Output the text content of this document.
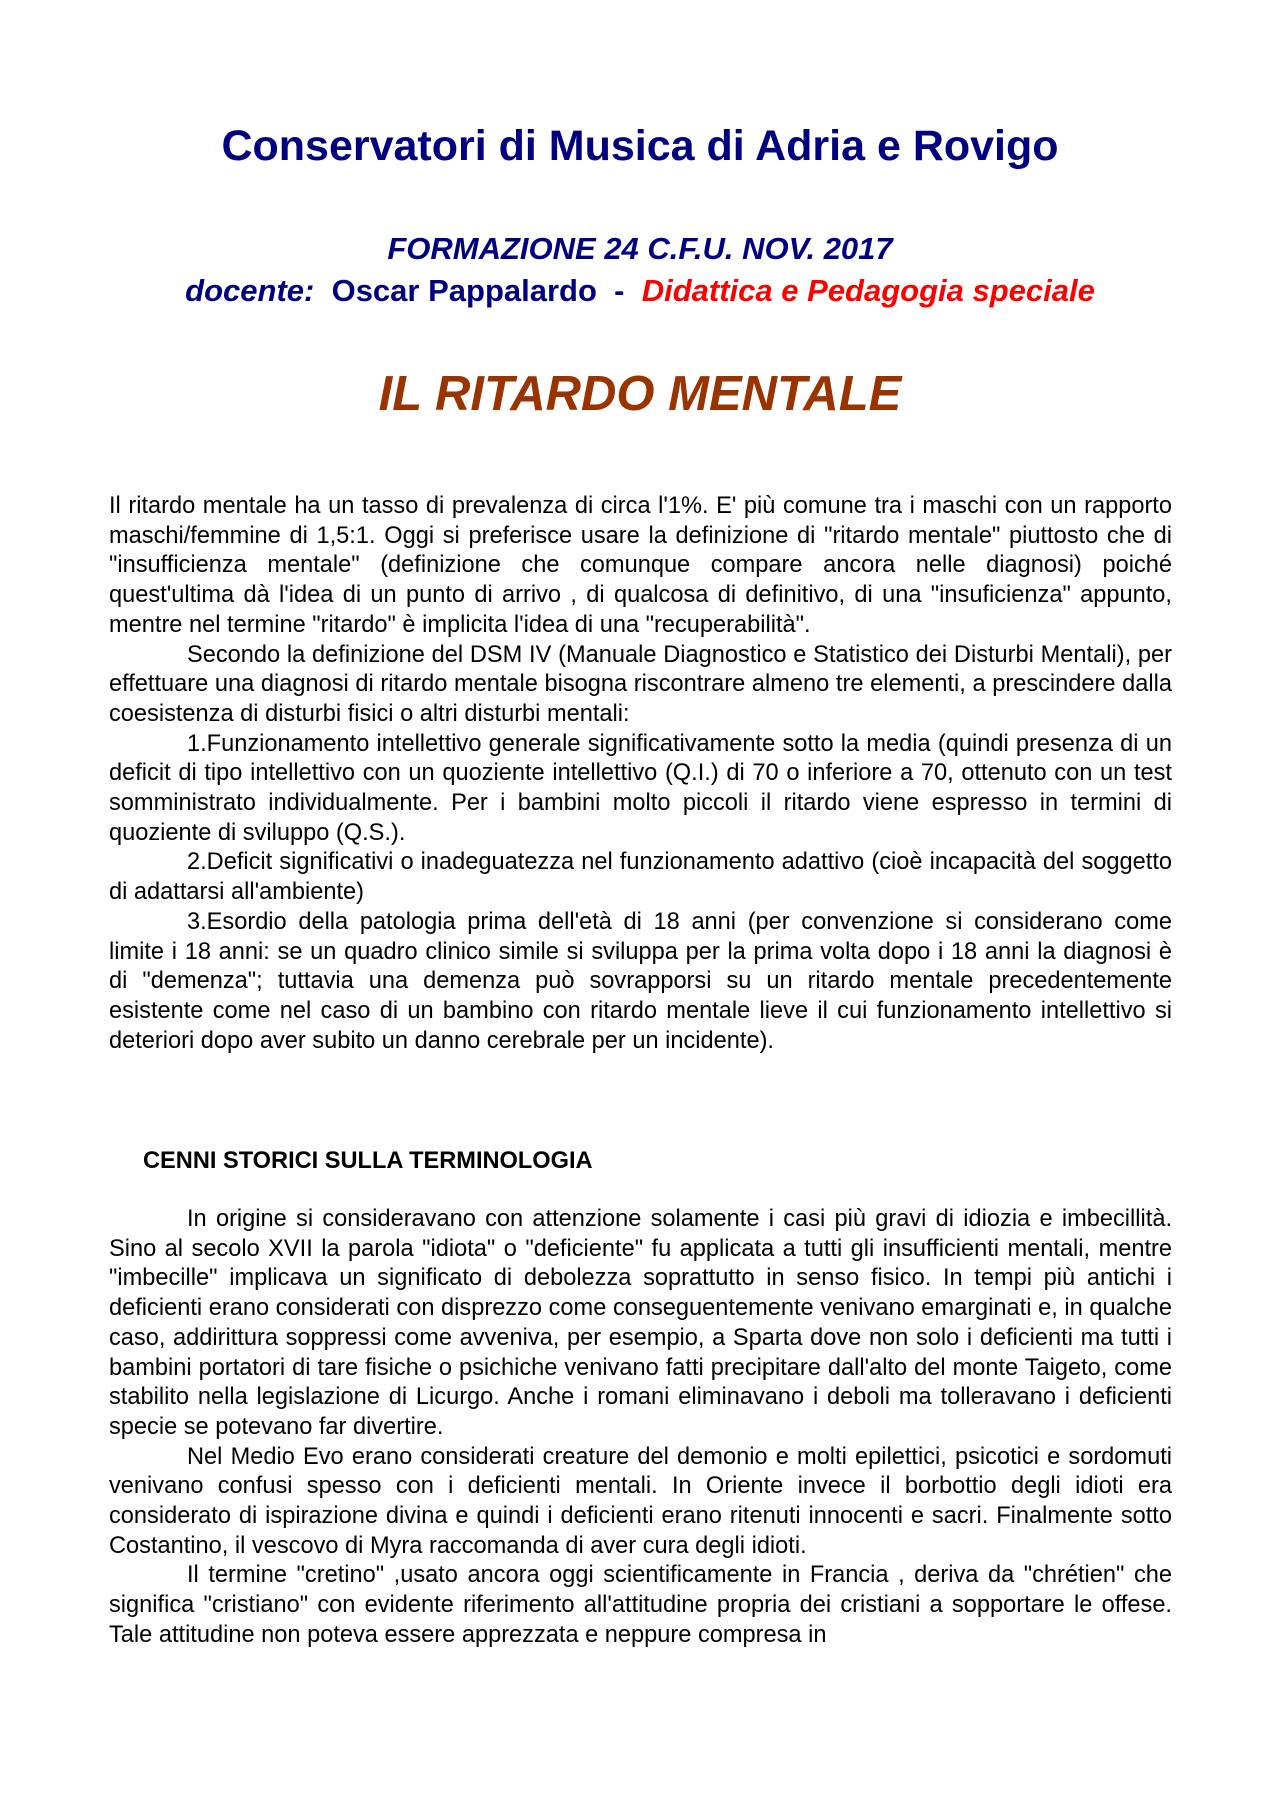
Conservatori di Musica di Adria e Rovigo
FORMAZIONE 24 C.F.U. NOV. 2017
docente: Oscar Pappalardo - Didattica e Pedagogia speciale
IL RITARDO MENTALE

Il ritardo mentale ha un tasso di prevalenza di circa l'1%. E' più comune tra i maschi con un rapporto maschi/femmine di 1,5:1. Oggi si preferisce usare la definizione di "ritardo mentale" piuttosto che di "insufficienza mentale" (definizione che comunque compare ancora nelle diagnosi) poiché quest'ultima dà l'idea di un punto di arrivo , di qualcosa di definitivo, di una "insuficienza" appunto, mentre nel termine "ritardo" è implicita l'idea di una "recuperabilità".

Secondo la definizione del DSM IV (Manuale Diagnostico e Statistico dei Disturbi Mentali), per effettuare una diagnosi di ritardo mentale bisogna riscontrare almeno tre elementi, a prescindere dalla coesistenza di disturbi fisici o altri disturbi mentali:

1.Funzionamento intellettivo generale significativamente sotto la media (quindi presenza di un deficit di tipo intellettivo con un quoziente intellettivo (Q.I.) di 70 o inferiore a 70, ottenuto con un test somministrato individualmente. Per i bambini molto piccoli il ritardo viene espresso in termini di quoziente di sviluppo (Q.S.).

2.Deficit significativi o inadeguatezza nel funzionamento adattivo (cioè incapacità del soggetto di adattarsi all'ambiente)

3.Esordio della patologia prima dell'età di 18 anni (per convenzione si considerano come limite i 18 anni: se un quadro clinico simile si sviluppa per la prima volta dopo i 18 anni la diagnosi è di "demenza"; tuttavia una demenza può sovrapporsi su un ritardo mentale precedentemente esistente come nel caso di un bambino con ritardo mentale lieve il cui funzionamento intellettivo si deteriori dopo aver subito un danno cerebrale per un incidente).

CENNI STORICI SULLA TERMINOLOGIA

In origine si consideravano con attenzione solamente i casi più gravi di idiozia e imbecillità. Sino al secolo XVII la parola "idiota" o "deficiente" fu applicata a tutti gli insufficienti mentali, mentre "imbecille" implicava un significato di debolezza soprattutto in senso fisico. In tempi più antichi i deficienti erano considerati con disprezzo come conseguentemente venivano emarginati e, in qualche caso, addirittura soppressi come avveniva, per esempio, a Sparta dove non solo i deficienti ma tutti i bambini portatori di tare fisiche o psichiche venivano fatti precipitare dall'alto del monte Taigeto, come stabilito nella legislazione di Licurgo. Anche i romani eliminavano i deboli ma tolleravano i deficienti specie se potevano far divertire.

Nel Medio Evo erano considerati creature del demonio e molti epilettici, psicotici e sordomuti venivano confusi spesso con i deficienti mentali. In Oriente invece il borbottio degli idioti era considerato di ispirazione divina e quindi i deficienti erano ritenuti innocenti e sacri. Finalmente sotto Costantino, il vescovo di Myra raccomanda di aver cura degli idioti.

Il termine "cretino" ,usato ancora oggi scientificamente in Francia , deriva da "chrétien" che significa "cristiano" con evidente riferimento all'attitudine propria dei cristiani a sopportare le offese. Tale attitudine non poteva essere apprezzata e neppure compresa in
